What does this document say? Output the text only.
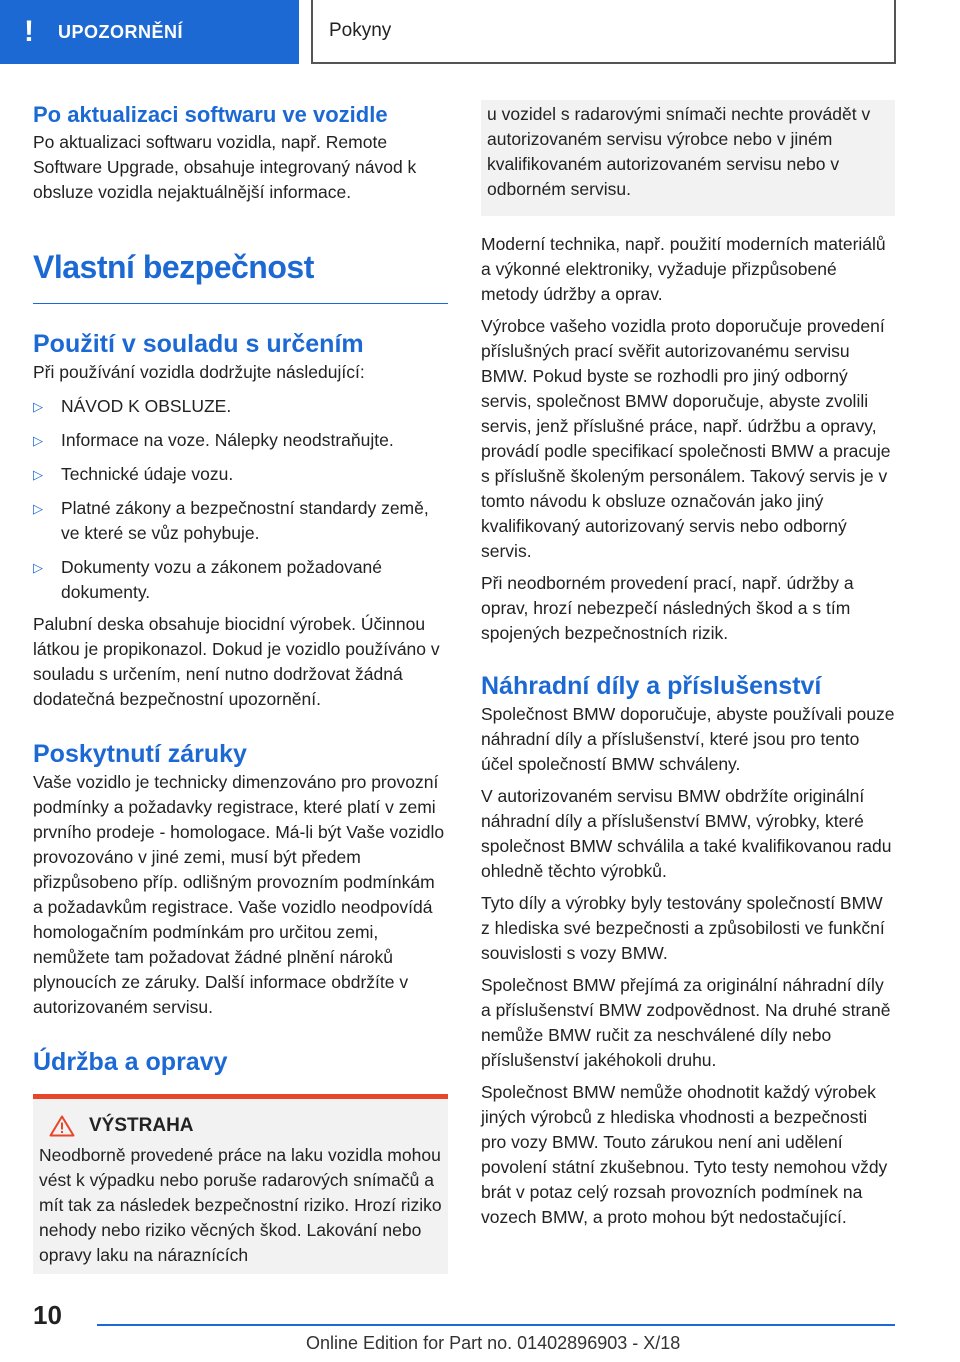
!	UPOZORNĚNÍ	Pokyny
Po aktualizaci softwaru ve vozidle

Po aktualizaci softwaru vozidla, např. Remote Software Upgrade, obsahuje integrovaný návod k obsluze vozidla nejaktuálnější informace.

Vlastní bezpečnost
Použití v souladu s určením

Při používání vozidla dodržujte následující:

▷ NÁVOD K OBSLUZE.
▷ Informace na voze. Nálepky neodstraňujte.
▷ Technické údaje vozu.
▷ Platné zákony a bezpečnostní standardy země, ve které se vůz pohybuje.
▷ Dokumenty vozu a zákonem požadované dokumenty.

Palubní deska obsahuje biocidní výrobek. Účinnou látkou je propikonazol. Dokud je vozidlo používáno v souladu s určením, není nutno dodržovat žádná dodatečná bezpečnostní upozornění.

Poskytnutí záruky

Vaše vozidlo je technicky dimenzováno pro provozní podmínky a požadavky registrace, které platí v zemi prvního prodeje - homologace. Má-li být Vaše vozidlo provozováno v jiné zemi, musí být předem přizpůsobeno příp. odlišným provozním podmínkám a požadavkům registrace. Vaše vozidlo neodpovídá homologačním podmínkám pro určitou zemi, nemůžete tam požadovat žádné plnění nároků plynoucích ze záruky. Další informace obdržíte v autorizovaném servisu.

Údržba a opravy
VÝSTRAHA

Neodborně provedené práce na laku vozidla mohou vést k výpadku nebo poruše radarových snímačů a mít tak za následek bezpečnostní riziko. Hrozí riziko nehody nebo riziko věcných škod. Lakování nebo opravy laku na náraznících

u vozidel s radarovými snímači nechte provádět v autorizovaném servisu výrobce nebo v jiném kvalifikovaném autorizovaném servisu nebo v odborném servisu.

Moderní technika, např. použití moderních materiálů a výkonné elektroniky, vyžaduje přizpůsobené metody údržby a oprav.

Výrobce vašeho vozidla proto doporučuje provedení příslušných prací svěřit autorizovanému servisu BMW. Pokud byste se rozhodli pro jiný odborný servis, společnost BMW doporučuje, abyste zvolili servis, jenž příslušné práce, např. údržbu a opravy, provádí podle specifikací společnosti BMW a pracuje s příslušně školeným personálem. Takový servis je v tomto návodu k obsluze označován jako jiný kvalifikovaný autorizovaný servis nebo odborný servis.

Při neodborném provedení prací, např. údržby a oprav, hrozí nebezpečí následných škod a s tím spojených bezpečnostních rizik.

Náhradní díly a příslušenství

Společnost BMW doporučuje, abyste používali pouze náhradní díly a příslušenství, které jsou pro tento účel společností BMW schváleny.

V autorizovaném servisu BMW obdržíte originální náhradní díly a příslušenství BMW, výrobky, které společnost BMW schválila a také kvalifikovanou radu ohledně těchto výrobků.

Tyto díly a výrobky byly testovány společností BMW z hlediska své bezpečnosti a způsobilosti ve funkční souvislosti s vozy BMW.

Společnost BMW přejímá za originální náhradní díly a příslušenství BMW zodpovědnost. Na druhé straně nemůže BMW ručit za neschválené díly nebo příslušenství jakéhokoli druhu.

Společnost BMW nemůže ohodnotit každý výrobek jiných výrobců z hlediska vhodnosti a bezpečnosti pro vozy BMW. Touto zárukou není ani udělení povolení státní zkušebnou. Tyto testy nemohou vždy brát v potaz celý rozsah provozních podmínek na vozech BMW, a proto mohou být nedostačující.

10
Online Edition for Part no. 01402896903 - X/18
